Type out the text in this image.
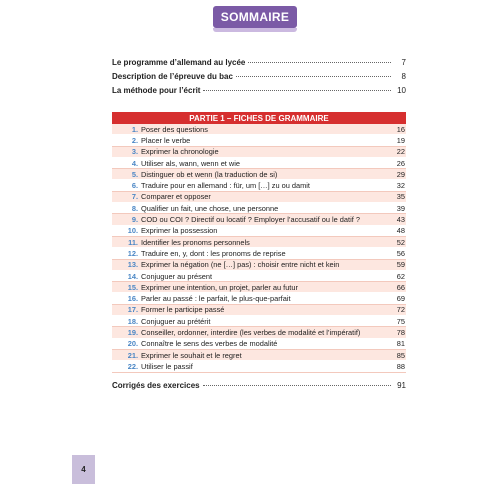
SOMMAIRE
Le programme d’allemand au lycée	7
Description de l’épreuve du bac	8
La méthode pour l’écrit	10
PARTIE 1 – FICHES DE GRAMMAIRE
1. Poser des questions	16
2. Placer le verbe	19
3. Exprimer la chronologie	22
4. Utiliser als, wann, wenn et wie	26
5. Distinguer ob et wenn (la traduction de si)	29
6. Traduire pour en allemand : für, um […] zu ou damit	32
7. Comparer et opposer	35
8. Qualifier un fait, une chose, une personne	39
9. COD ou COI ? Directif ou locatif ? Employer l’accusatif ou le datif ?	43
10. Exprimer la possession	48
11. Identifier les pronoms personnels	52
12. Traduire en, y, dont : les pronoms de reprise	56
13. Exprimer la négation (ne […] pas) : choisir entre nicht et kein	59
14. Conjuguer au présent	62
15. Exprimer une intention, un projet, parler au futur	66
16. Parler au passé : le parfait, le plus-que-parfait	69
17. Former le participe passé	72
18. Conjuguer au prétérit	75
19. Conseiller, ordonner, interdire (les verbes de modalité et l’impératif)	78
20. Connaître le sens des verbes de modalité	81
21. Exprimer le souhait et le regret	85
22. Utiliser le passif	88
Corrigés des exercices	91
4
